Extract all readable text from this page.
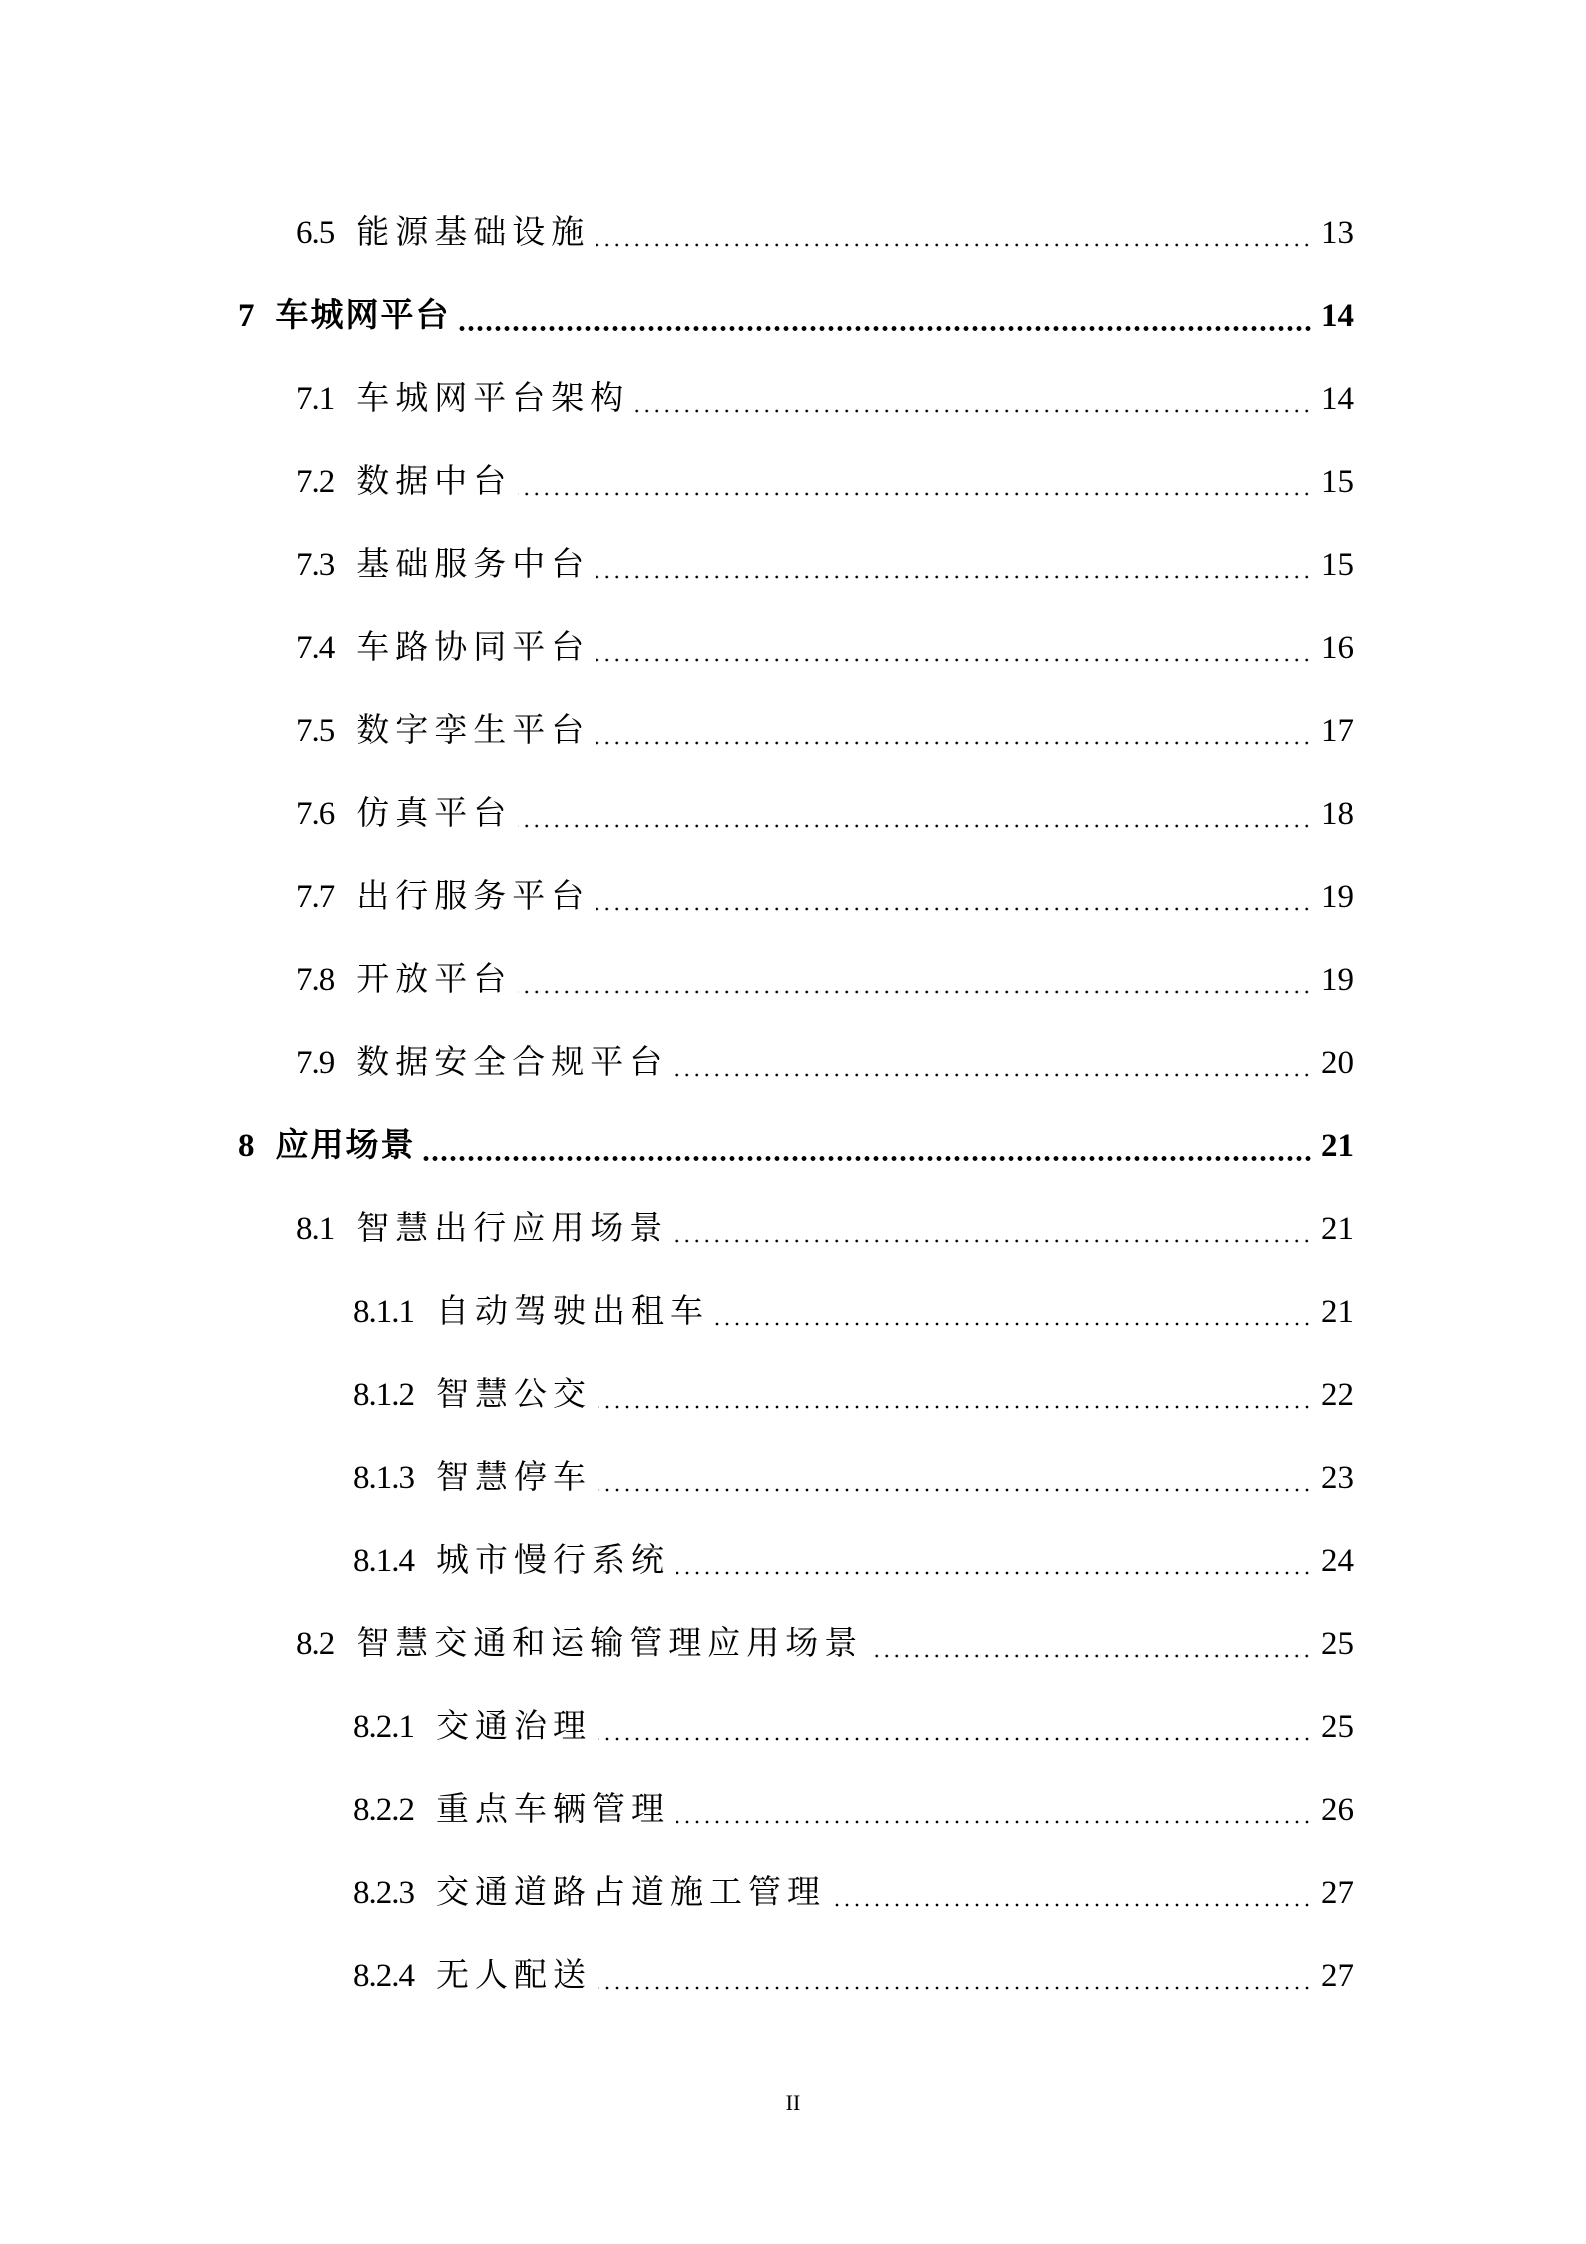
6.5 能源基础设施	13
7 车城网平台	14
7.1 车城网平台架构	14
7.2 数据中台	15
7.3 基础服务中台	15
7.4 车路协同平台	16
7.5 数字孪生平台	17
7.6 仿真平台	18
7.7 出行服务平台	19
7.8 开放平台	19
7.9 数据安全合规平台	20
8 应用场景	21
8.1 智慧出行应用场景	21
8.1.1 自动驾驶出租车	21
8.1.2 智慧公交	22
8.1.3 智慧停车	23
8.1.4 城市慢行系统	24
8.2 智慧交通和运输管理应用场景	25
8.2.1 交通治理	25
8.2.2 重点车辆管理	26
8.2.3 交通道路占道施工管理	27
8.2.4 无人配送	27
II
